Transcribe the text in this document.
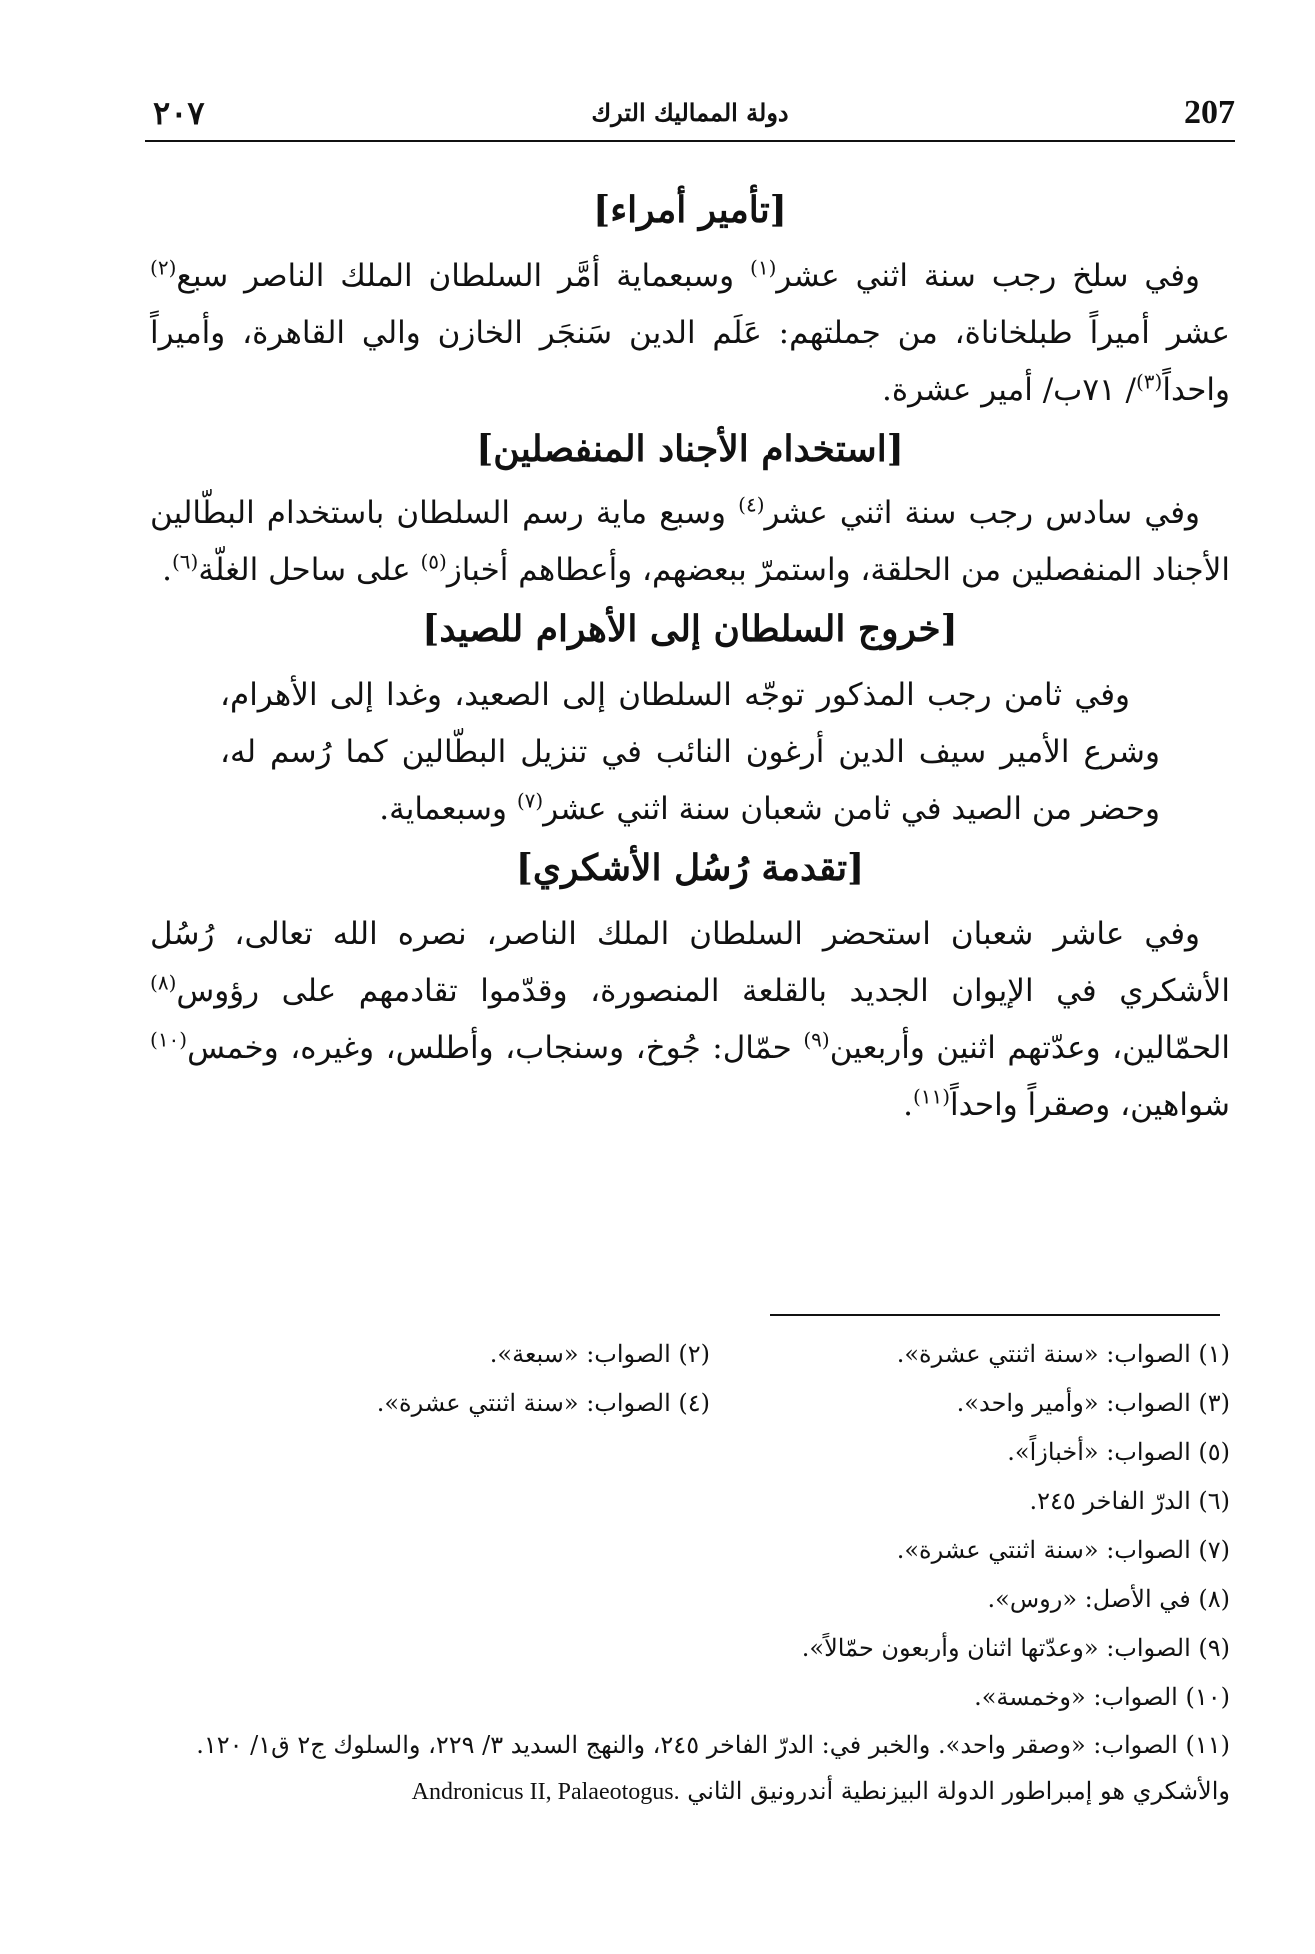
207
دولة المماليك الترك
٢٠٧
[تأمير أمراء]

وفي سلخ رجب سنة اثني عشر$^{(١)}$ وسبعماية أمَّر السلطان الملك الناصر سبع$^{(٢)}$ عشر أميراً طبلخاناة، من جملتهم: عَلَم الدين سَنجَر الخازن والي القاهرة، وأميراً واحداً$^{(٣)}$/ ٧١ب/ أمير عشرة.

[استخدام الأجناد المنفصلين]

وفي سادس رجب سنة اثني عشر$^{(٤)}$ وسبع ماية رسم السلطان باستخدام البطّالين الأجناد المنفصلين من الحلقة، واستمرّ ببعضهم، وأعطاهم أخباز$^{(٥)}$ على ساحل الغلّة$^{(٦)}$.

[خروج السلطان إلى الأهرام للصيد]

وفي ثامن رجب المذكور توجّه السلطان إلى الصعيد، وغدا إلى الأهرام، وشرع الأمير سيف الدين أرغون النائب في تنزيل البطّالين كما رُسم له، وحضر من الصيد في ثامن شعبان سنة اثني عشر$^{(٧)}$ وسبعماية.

[تقدمة رُسُل الأشكري]

وفي عاشر شعبان استحضر السلطان الملك الناصر، نصره الله تعالى، رُسُل الأشكري في الإيوان الجديد بالقلعة المنصورة، وقدّموا تقادمهم على رؤوس$^{(٨)}$ الحمّالين، وعدّتهم اثنين وأربعين$^{(٩)}$ حمّال: جُوخ، وسنجاب، وأطلس، وغيره، وخمس$^{(١٠)}$ شواهين، وصقراً واحداً$^{(١١)}$.

(١) الصواب: «سنة اثنتي عشرة».

(٢) الصواب: «سبعة».

(٣) الصواب: «وأمير واحد».

(٤) الصواب: «سنة اثنتي عشرة».

(٥) الصواب: «أخبازاً».

(٦) الدرّ الفاخر ٢٤٥.

(٧) الصواب: «سنة اثنتي عشرة».

(٨) في الأصل: «روس».

(٩) الصواب: «وعدّتها اثنان وأربعون حمّالاً».

(١٠) الصواب: «وخمسة».

(١١) الصواب: «وصقر واحد». والخبر في: الدرّ الفاخر ٢٤٥، والنهج السديد ٣/ ٢٢٩، والسلوك ج٢ ق١/ ١٢٠.

والأشكري هو إمبراطور الدولة البيزنطية أندرونيق الثاني Andronicus II, Palaeotogus.
